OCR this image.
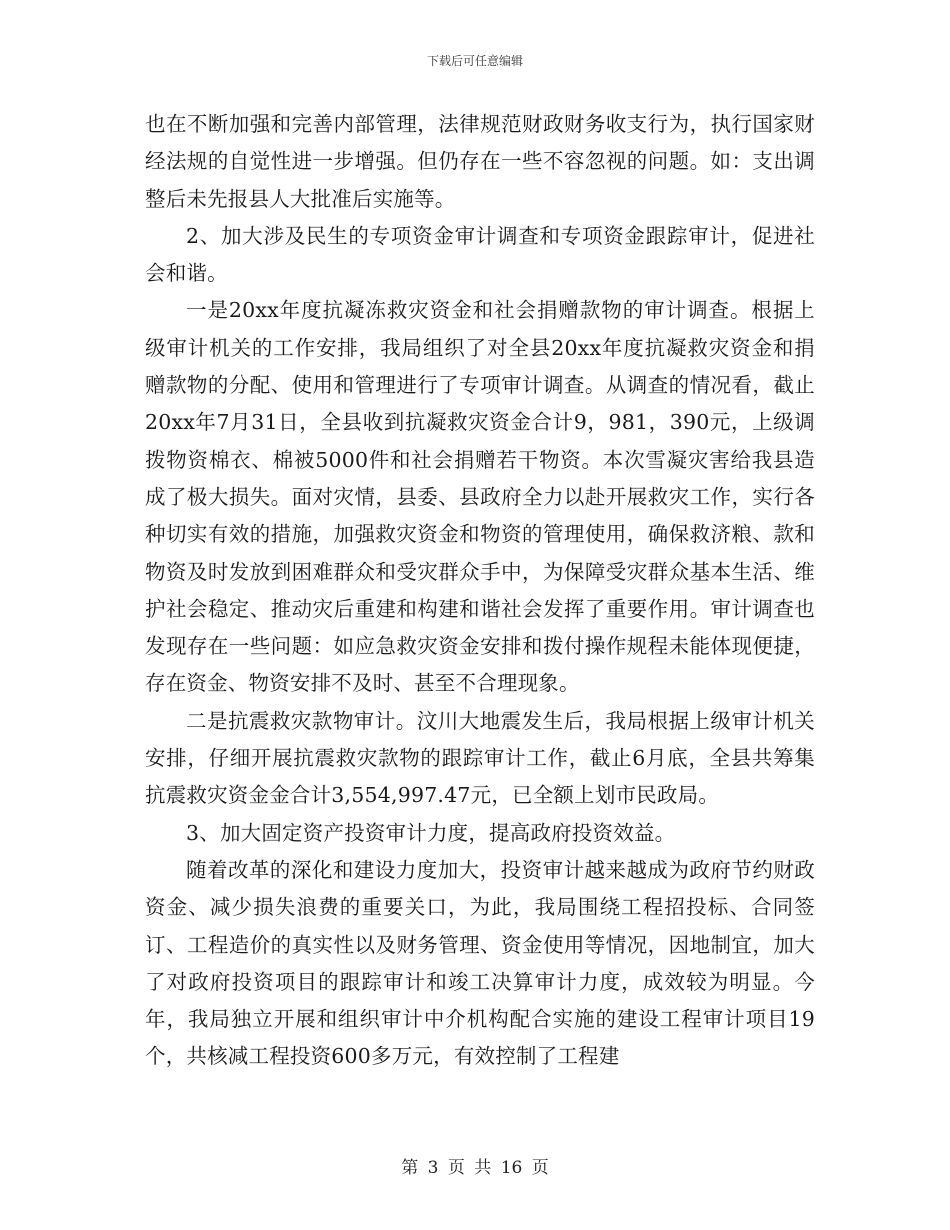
下载后可任意编辑

也在不断加强和完善内部管理，法律规范财政财务收支行为，执行国家财经法规的自觉性进一步增强。但仍存在一些不容忽视的问题。如：支出调整后未先报县人大批准后实施等。

2、加大涉及民生的专项资金审计调查和专项资金跟踪审计，促进社会和谐。

一是20xx年度抗凝冻救灾资金和社会捐赠款物的审计调查。根据上级审计机关的工作安排，我局组织了对全县20xx年度抗凝救灾资金和捐赠款物的分配、使用和管理进行了专项审计调查。从调查的情况看，截止20xx年7月31日，全县收到抗凝救灾资金合计9，981，390元，上级调拨物资棉衣、棉被5000件和社会捐赠若干物资。本次雪凝灾害给我县造成了极大损失。面对灾情，县委、县政府全力以赴开展救灾工作，实行各种切实有效的措施，加强救灾资金和物资的管理使用，确保救济粮、款和物资及时发放到困难群众和受灾群众手中，为保障受灾群众基本生活、维护社会稳定、推动灾后重建和构建和谐社会发挥了重要作用。审计调查也发现存在一些问题：如应急救灾资金安排和拨付操作规程未能体现便捷，存在资金、物资安排不及时、甚至不合理现象。

二是抗震救灾款物审计。汶川大地震发生后，我局根据上级审计机关安排，仔细开展抗震救灾款物的跟踪审计工作，截止6月底，全县共筹集抗震救灾资金金合计3,554,997.47元，已全额上划市民政局。

3、加大固定资产投资审计力度，提高政府投资效益。

随着改革的深化和建设力度加大，投资审计越来越成为政府节约财政资金、减少损失浪费的重要关口，为此，我局围绕工程招投标、合同签订、工程造价的真实性以及财务管理、资金使用等情况，因地制宜，加大了对政府投资项目的跟踪审计和竣工决算审计力度，成效较为明显。今年，我局独立开展和组织审计中介机构配合实施的建设工程审计项目19个，共核减工程投资600多万元，有效控制了工程建

第 3 页 共 16 页
